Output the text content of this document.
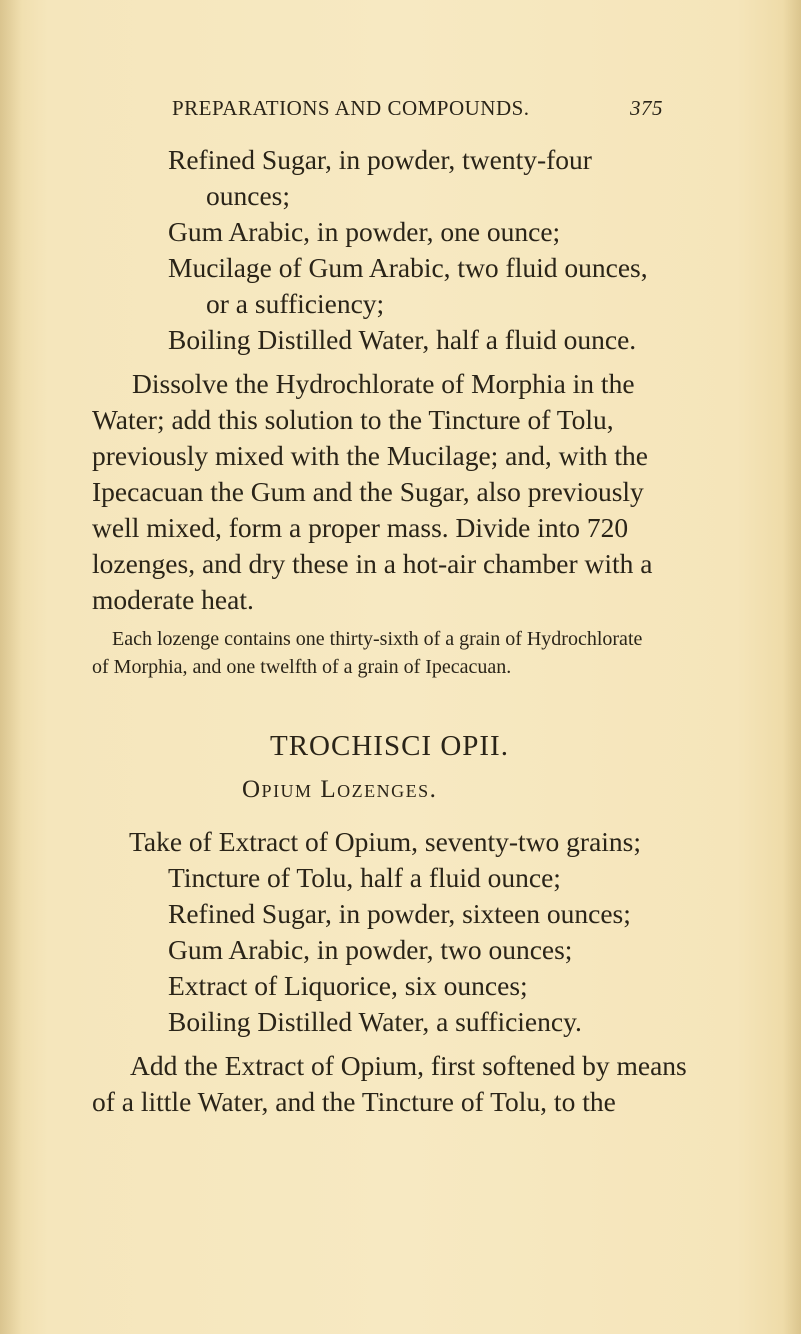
PREPARATIONS AND COMPOUNDS.	375
Refined Sugar, in powder, twenty-four
ounces;
Gum Arabic, in powder, one ounce;
Mucilage of Gum Arabic, two fluid ounces,
or a sufficiency;
Boiling Distilled Water, half a fluid ounce.
Dissolve the Hydrochlorate of Morphia in the
Water; add this solution to the Tincture of Tolu,
previously mixed with the Mucilage; and, with the
Ipecacuan the Gum and the Sugar, also previously
well mixed, form a proper mass. Divide into 720
lozenges, and dry these in a hot-air chamber with a
moderate heat.
Each lozenge contains one thirty-sixth of a grain of Hydrochlorate
of Morphia, and one twelfth of a grain of Ipecacuan.
TROCHISCI OPII.
Opium Lozenges.
Take of Extract of Opium, seventy-two grains;
Tincture of Tolu, half a fluid ounce;
Refined Sugar, in powder, sixteen ounces;
Gum Arabic, in powder, two ounces;
Extract of Liquorice, six ounces;
Boiling Distilled Water, a sufficiency.
Add the Extract of Opium, first softened by means
of a little Water, and the Tincture of Tolu, to the
